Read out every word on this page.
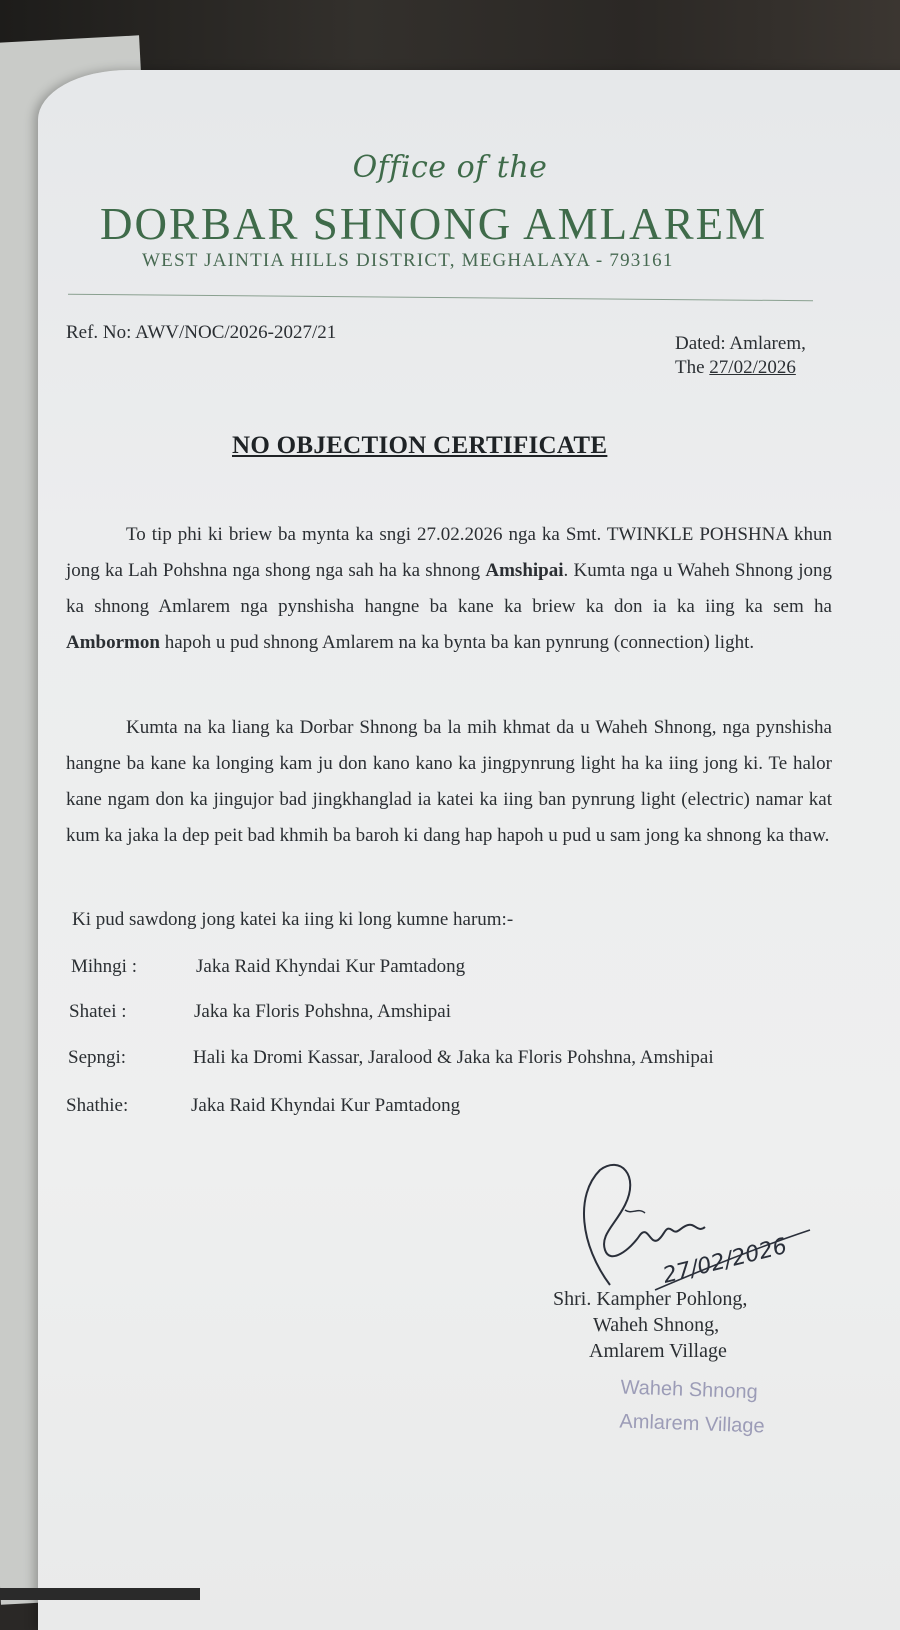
Office of the
DORBAR SHNONG AMLAREM
WEST JAINTIA HILLS DISTRICT, MEGHALAYA - 793161
Ref. No: AWV/NOC/2026-2027/21
Dated: Amlarem,
The 27/02/2026
NO OBJECTION CERTIFICATE
To tip phi ki briew ba mynta ka sngi 27.02.2026 nga ka Smt. TWINKLE POHSHNA khun jong ka Lah Pohshna nga shong nga sah ha ka shnong Amshipai. Kumta nga u Waheh Shnong jong ka shnong Amlarem nga pynshisha hangne ba kane ka briew ka don ia ka iing ka sem ha Ambormon hapoh u pud shnong Amlarem na ka bynta ba kan pynrung (connection) light.
Kumta na ka liang ka Dorbar Shnong ba la mih khmat da u Waheh Shnong, nga pynshisha hangne ba kane ka longing kam ju don kano kano ka jingpynrung light ha ka iing jong ki. Te halor kane ngam don ka jingujor bad jingkhanglad ia katei ka iing ban pynrung light (electric) namar kat kum ka jaka la dep peit bad khmih ba baroh ki dang hap hapoh u pud u sam jong ka shnong ka thaw.
Ki pud sawdong jong katei ka iing ki long kumne harum:-
Mihngi :	Jaka Raid Khyndai Kur Pamtadong
Shatei :	Jaka ka Floris Pohshna, Amshipai
Sepngi:	Hali ka Dromi Kassar, Jaralood & Jaka ka Floris Pohshna, Amshipai
Shathie:	Jaka Raid Khyndai Kur Pamtadong
27/02/2026
Shri. Kampher Pohlong,
Waheh Shnong,
Amlarem Village
Waheh Shnong
Amlarem Village
